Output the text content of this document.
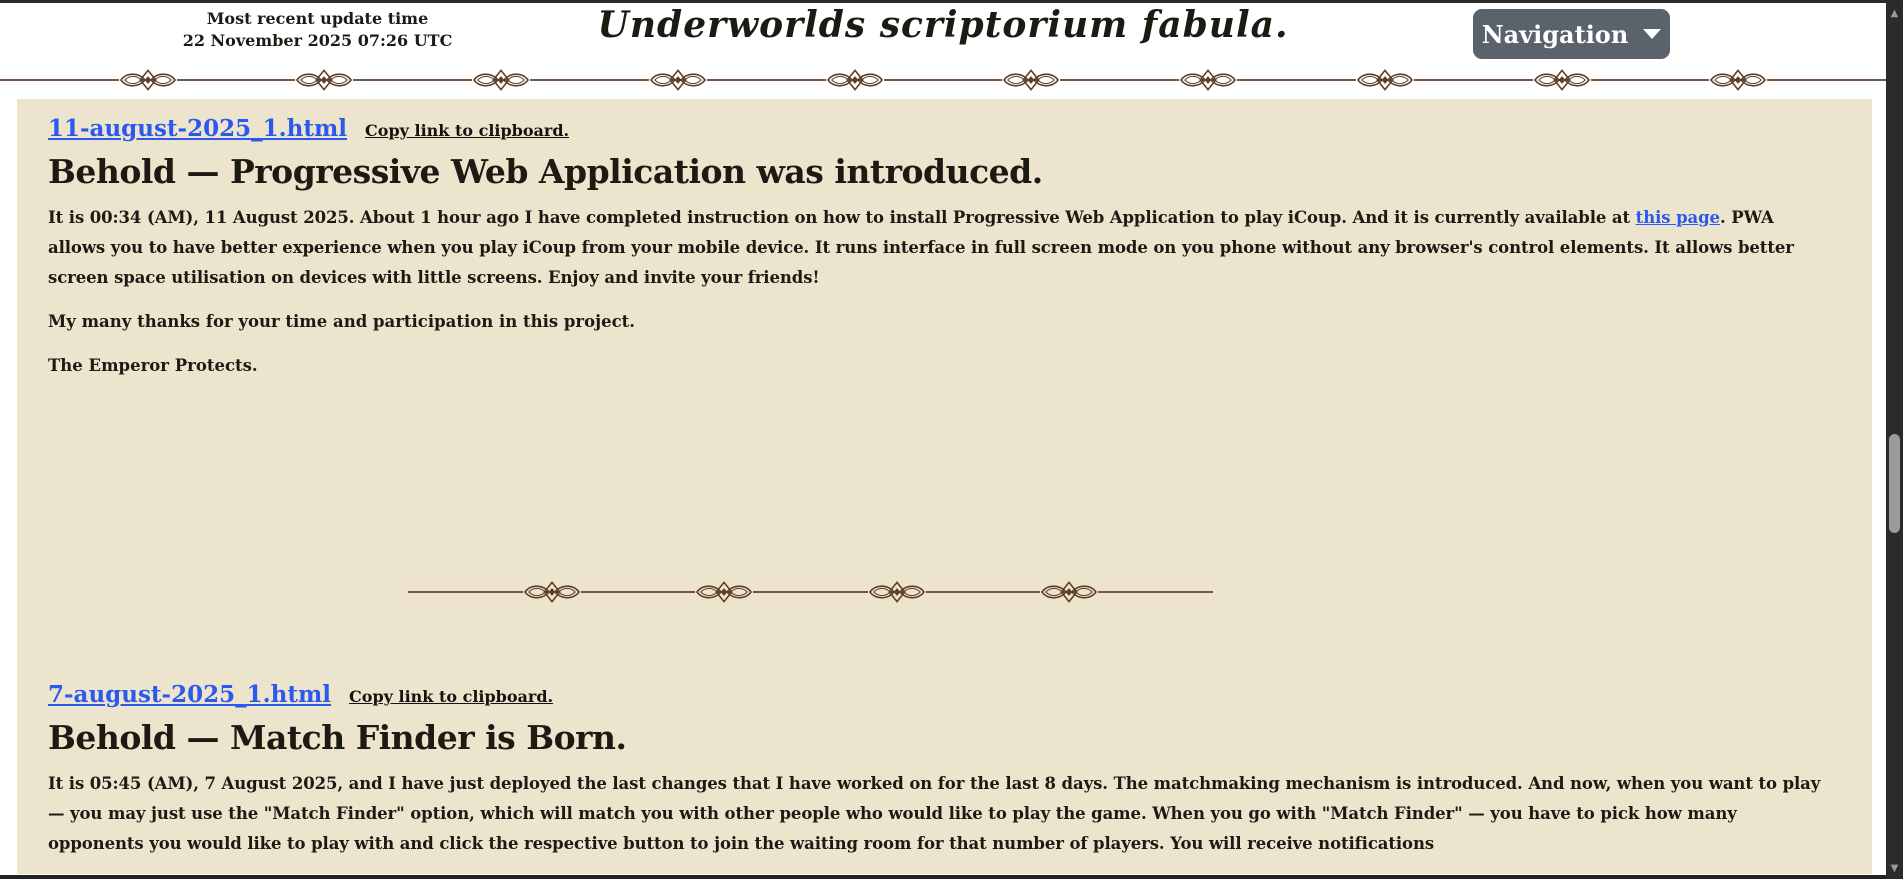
Most recent update time
22 November 2025 07:26 UTC	Underworlds scriptorium fabula.	Navigation
11-august-2025_1.html Copy link to clipboard.
Behold — Progressive Web Application was introduced.

It is 00:34 (AM), 11 August 2025. About 1 hour ago I have completed instruction on how to install Progressive Web Application to play iCoup. And it is currently available at this page. PWA allows you to have better experience when you play iCoup from your mobile device. It runs interface in full screen mode on you phone without any browser's control elements. It allows better screen space utilisation on devices with little screens. Enjoy and invite your friends!

My many thanks for your time and participation in this project.

The Emperor Protects.

7-august-2025_1.html Copy link to clipboard.
Behold — Match Finder is Born.

It is 05:45 (AM), 7 August 2025, and I have just deployed the last changes that I have worked on for the last 8 days. The matchmaking mechanism is introduced. And now, when you want to play — you may just use the "Match Finder" option, which will match you with other people who would like to play the game. When you go with "Match Finder" — you have to pick how many opponents you would like to play with and click the respective button to join the waiting room for that number of players. You will receive notifications

▲
▼
